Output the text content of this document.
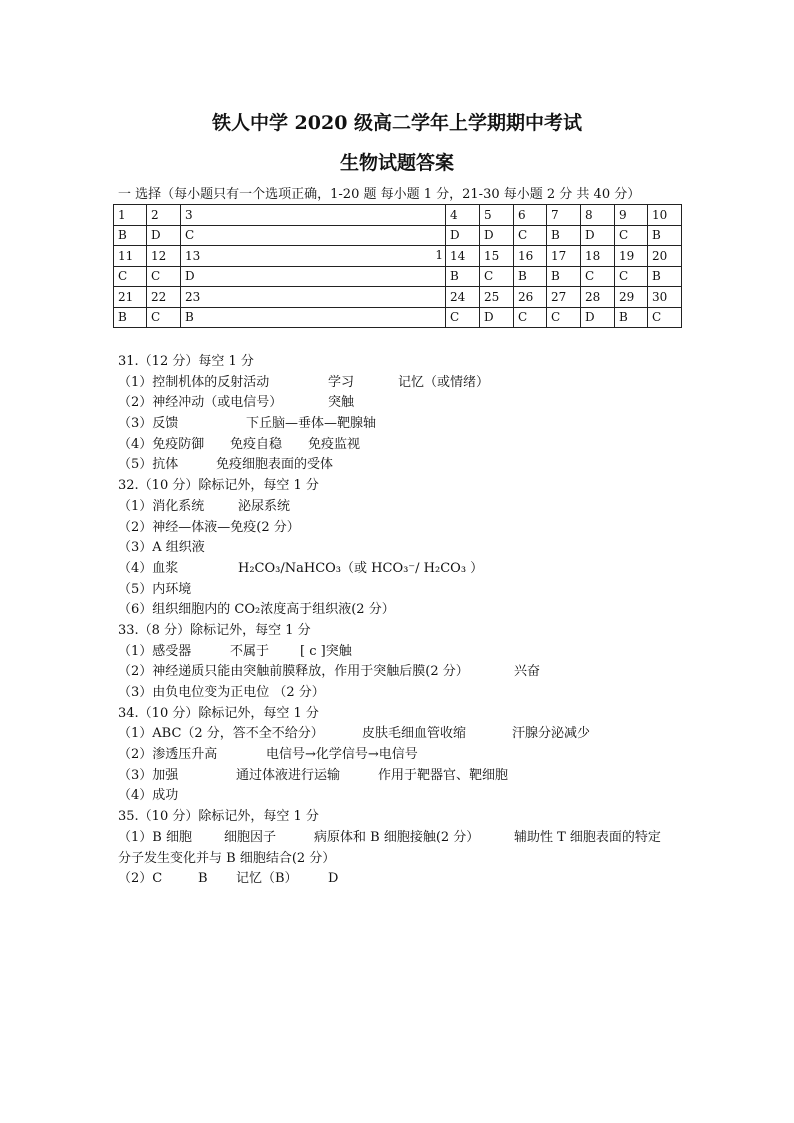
铁人中学 2020 级高二学年上学期期中考试
生物试题答案

一 选择（每小题只有一个选项正确，1-20 题 每小题 1 分，21-30 每小题 2 分 共 40 分）

1	2	3	4	5	6	7	8	9	10
B	D	C	D	D	C	B	D	C	B
11	12	13 1	14	15	16	17	18	19	20
C	C	D	B	C	B	B	C	C	B
21	22	23	24	25	26	27	28	29	30
B	C	B	C	D	C	C	D	B	C
31.（12 分）每空 1 分
（1）控制机体的反射活动	学习	记忆（或情绪）
（2）神经冲动（或电信号）	突触
（3）反馈	下丘脑—垂体—靶腺轴
（4）免疫防御 免疫自稳 免疫监视
（5）抗体	免疫细胞表面的受体
32.（10 分）除标记外，每空 1 分
（1）消化系统	泌尿系统
（2）神经—体液—免疫(2 分）
（3）A 组织液
（4）血浆	H₂CO₃/NaHCO₃（或 HCO₃⁻/ H₂CO₃ ）
（5）内环境
（6）组织细胞内的 CO₂浓度高于组织液(2 分）
33.（8 分）除标记外，每空 1 分
（1）感受器	不属于 [ c ]突触
（2）神经递质只能由突触前膜释放，作用于突触后膜(2 分）	兴奋
（3）由负电位变为正电位 （2 分）
34.（10 分）除标记外，每空 1 分
（1）ABC（2 分，答不全不给分）	皮肤毛细血管收缩	汗腺分泌减少
（2）渗透压升高	电信号→化学信号→电信号
（3）加强	通过体液进行运输	作用于靶器官、靶细胞
（4）成功
35.（10 分）除标记外，每空 1 分
（1）B 细胞 细胞因子	病原体和 B 细胞接触(2 分）	辅助性 T 细胞表面的特定
分子发生变化并与 B 细胞结合(2 分）
（2）C	B 记忆（B） D
